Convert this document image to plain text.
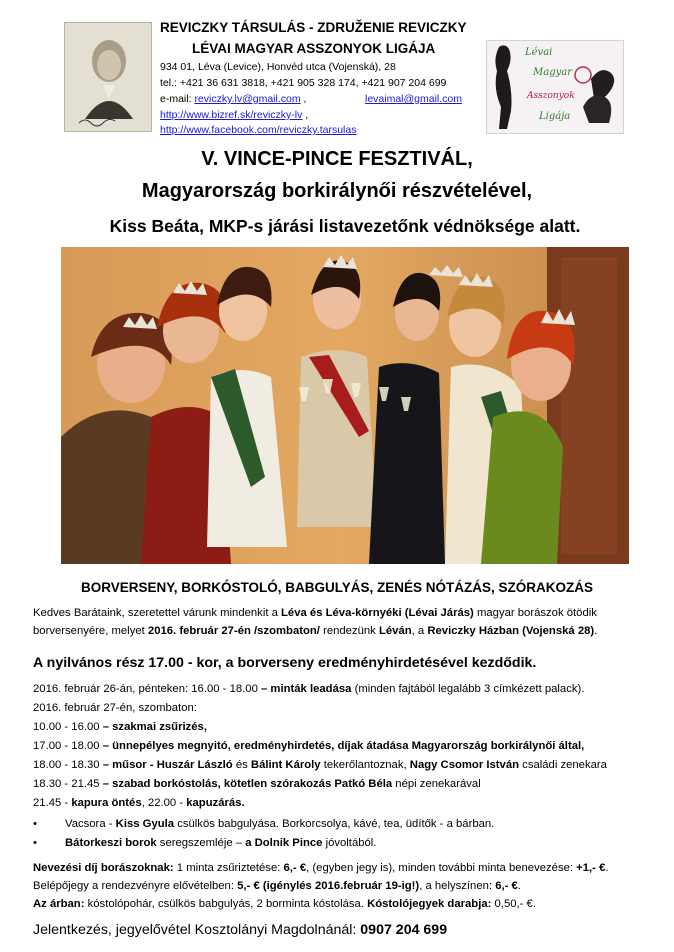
REVICZKY TÁRSULÁS - ZDRUŽENIE REVICZKY
LÉVAI MAGYAR ASSZONYOK LIGÁJA
934 01, Léva (Levice), Honvéd utca (Vojenská), 28
tel.: +421 36 631 3818, +421 905 328 174, +421 907 204 699
e-mail: reviczky.lv@gmail.com ,	levaimal@gmail.com
http://www.bizref.sk/reviczky-lv ,
http://www.facebook.com/reviczky.tarsulas
Lévai
Magyar
Asszonyok
Ligája
V. VINCE-PINCE FESZTIVÁL,
Magyarország borkirálynői részvételével,
Kiss Beáta, MKP-s járási listavezetőnk védnöksége alatt.
BORVERSENY, BORKÓSTOLÓ, BABGULYÁS, ZENÉS NÓTÁZÁS, SZÓRAKOZÁS
Kedves Barátaink, szeretettel várunk mindenkit a Léva és Léva-környéki (Lévai Járás) magyar borászok ötödik borversenyére, melyet 2016. február 27-én /szombaton/ rendezünk Léván, a Reviczky Házban (Vojenská 28).
A nyilvános rész 17.00 - kor, a borverseny eredményhirdetésével kezdődik.
2016. február 26-án, pénteken: 16.00 - 18.00 – minták leadása (minden fajtából legalább 3 címkézett palack).
2016. február 27-én, szombaton:
10.00 - 16.00 – szakmai zsűrizés,
17.00 - 18.00 – ünnepélyes megnyitó, eredményhirdetés, díjak átadása Magyarország borkirálynői által,
18.00 - 18.30 – műsor - Huszár László és Bálint Károly tekerőlantoznak, Nagy Csomor István családi zenekara
18.30 - 21.45 – szabad borkóstolás, kötetlen szórakozás Patkó Béla népi zenekarával
21.45 - kapura öntés, 22.00 - kapuzárás.
• Vacsora - Kiss Gyula csülkös babgulyása. Borkorcsolya, kávé, tea, üdítők - a bárban.
• Bátorkeszi borok seregszemléje – a Dolnik Pince jóvoltából.
Nevezési díj borászoknak: 1 minta zsűriztetése: 6,- €, (egyben jegy is), minden további minta benevezése: +1,- €.
Belépőjegy a rendezvényre elővételben: 5,- € (igénylés 2016.február 19-ig!), a helyszínen: 6,- €.
Az árban: kóstolópohár, csülkös babgulyás, 2 borminta kóstolása. Kóstolójegyek darabja: 0,50,- €.
Jelentkezés, jegyelővétel Kosztolányi Magdolnánál: 0907 204 699
